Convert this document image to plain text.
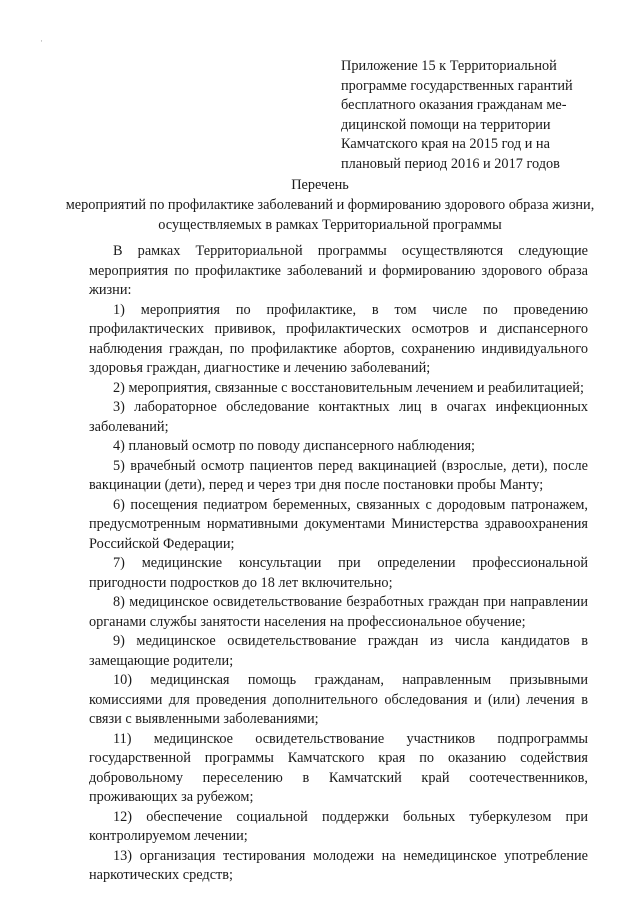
·
Приложение 15 к Территориальной
программе государственных гарантий
бесплатного оказания гражданам ме-
дицинской помощи на территории
Камчатского края на 2015 год и на
плановый период 2016 и 2017 годов
Перечень
мероприятий по профилактике заболеваний и формированию здорового образа жизни, осуществляемых в рамках Территориальной программы

В рамках Территориальной программы осуществляются следующие мероприятия по профилактике заболеваний и формированию здорового образа жизни:

1) мероприятия по профилактике, в том числе по проведению профилактических прививок, профилактических осмотров и диспансерного наблюдения граждан, по профилактике абортов, сохранению индивидуального здоровья граждан, диагностике и лечению заболеваний;

2) мероприятия, связанные с восстановительным лечением и реабилитацией;

3) лабораторное обследование контактных лиц в очагах инфекционных заболеваний;

4) плановый осмотр по поводу диспансерного наблюдения;

5) врачебный осмотр пациентов перед вакцинацией (взрослые, дети), после вакцинации (дети), перед и через три дня после постановки пробы Манту;

6) посещения педиатром беременных, связанных с дородовым патронажем, предусмотренным нормативными документами Министерства здравоохранения Российской Федерации;

7) медицинские консультации при определении профессиональной пригодности подростков до 18 лет включительно;

8) медицинское освидетельствование безработных граждан при направлении органами службы занятости населения на профессиональное обучение;

9) медицинское освидетельствование граждан из числа кандидатов в замещающие родители;

10) медицинская помощь гражданам, направленным призывными комиссиями для проведения дополнительного обследования и (или) лечения в связи с выявленными заболеваниями;

11) медицинское освидетельствование участников подпрограммы государственной программы Камчатского края по оказанию содействия добровольному переселению в Камчатский край соотечественников, проживающих за рубежом;

12) обеспечение социальной поддержки больных туберкулезом при контролируемом лечении;

13) организация тестирования молодежи на немедицинское употребление наркотических средств;
